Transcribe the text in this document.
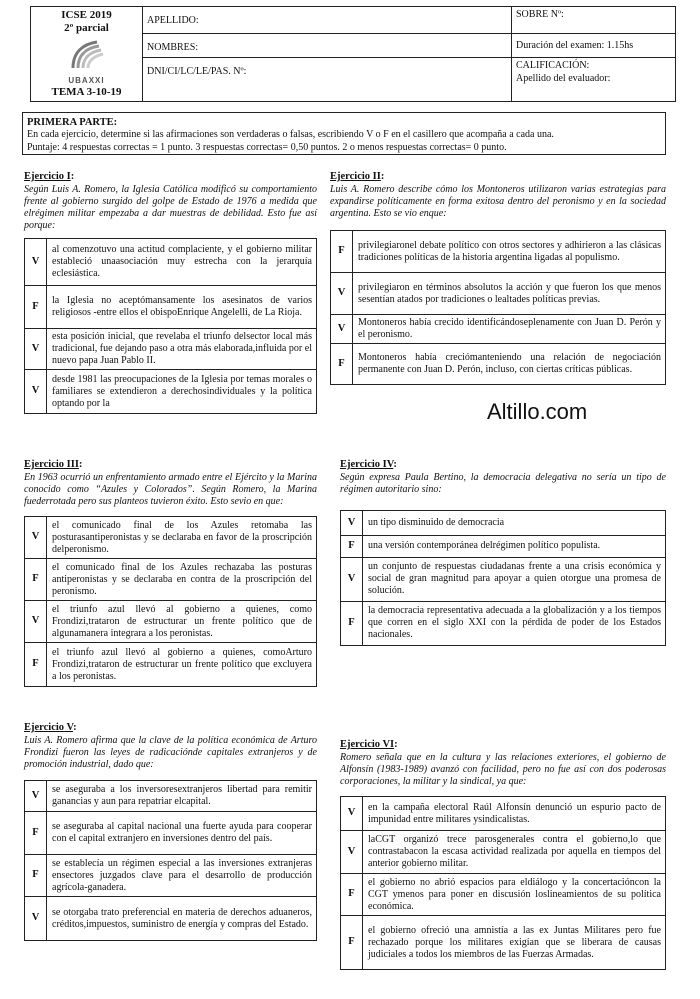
ICSE 2019
2º parcial
UBAXXI
TEMA 3-10-19
APELLIDO:
NOMBRES:
DNI/CI/LC/LE/PAS. Nº:
SOBRE Nº:
Duración del examen: 1.15hs
CALIFICACIÓN:
Apellido del evaluador:
PRIMERA PARTE:
En cada ejercicio, determine si las afirmaciones son verdaderas o falsas, escribiendo V o F en el casillero que acompaña a cada una.
Puntaje: 4 respuestas correctas = 1 punto. 3 respuestas correctas= 0,50 puntos. 2 o menos respuestas correctas= 0 punto.
Ejercicio I:
Según Luis A. Romero, la Iglesia Católica modificó su comportamiento frente al gobierno surgido del golpe de Estado de 1976 a medida que elrégimen militar empezaba a dar muestras de debilidad. Esto fue así porque:
V	al comenzotuvo una actitud complaciente, y el gobierno militar estableció unaasociación muy estrecha con la jerarquía eclesiástica.
F	la Iglesia no aceptómansamente los asesinatos de varios religiosos -entre ellos el obispoEnrique Angelelli, de La Rioja.
V	esta posición inicial, que revelaba el triunfo delsector local más tradicional, fue dejando paso a otra más elaborada,influida por el nuevo papa Juan Pablo II.
V	desde 1981 las preocupaciones de la Iglesia por temas morales o familiares se extendieron a derechosindividuales y la política optando por la
Ejercicio II:
Luis A. Romero describe cómo los Montoneros utilizaron varias estrategias para expandirse políticamente en forma exitosa dentro del peronismo y en la sociedad argentina. Esto se vio enque:
F	privilegiaronel debate político con otros sectores y adhirieron a las clásicas tradiciones políticas de la historia argentina ligadas al populismo.
V	privilegiaron en términos absolutos la acción y que fueron los que menos sesentían atados por tradiciones o lealtades políticas previas.
V	Montoneros había crecido identificándoseplenamente con Juan D. Perón y el peronismo.
F	Montoneros había creciómanteniendo una relación de negociación permanente con Juan D. Perón, incluso, con ciertas críticas públicas.
Altillo.com
Ejercicio III:
En 1963 ocurrió un enfrentamiento armado entre el Ejército y la Marina conocido como “Azules y Colorados”. Según Romero, la Marina fuederrotada pero sus planteos tuvieron éxito. Esto sevio en que:
V	el comunicado final de los Azules retomaba las posturasantiperonistas y se declaraba en favor de la proscripción delperonismo.
F	el comunicado final de los Azules rechazaba las posturas antiperonistas y se declaraba en contra de la proscripción del peronismo.
V	el triunfo azul llevó al gobierno a quienes, como Frondizi,trataron de estructurar un frente político que de algunamanera integrara a los peronistas.
F	el triunfo azul llevó al gobierno a quienes, comoArturo Frondizi,trataron de estructurar un frente político que excluyera a los peronistas.
Ejercicio IV:
Según expresa Paula Bertino, la democracia delegativa no sería un tipo de régimen autoritario sino:
V	un tipo disminuido de democracia
F	una versión contemporánea delrégimen político populista.
V	un conjunto de respuestas ciudadanas frente a una crisis económica y social de gran magnitud para apoyar a quien otorgue una promesa de solución.
F	la democracia representativa adecuada a la globalización y a los tiempos que corren en el siglo XXI con la pérdida de poder de los Estados nacionales.
Ejercicio V:
Luis A. Romero afirma que la clave de la política económica de Arturo Frondizi fueron las leyes de radicacióndе capitales extranjeros y de promoción industrial, dado que:
V	se aseguraba a los inversoresextranjeros libertad para remitir ganancias y aun para repatriar elcapital.
F	se aseguraba al capital nacional una fuerte ayuda para cooperar con el capital extranjero en inversiones dentro del país.
F	se establecía un régimen especial a las inversiones extranjeras ensectores juzgados clave para el desarrollo de producción agrícola-ganadera.
V	se otorgaba trato preferencial en materia de derechos aduaneros, créditos,impuestos, suministro de energía y compras del Estado.
Ejercicio VI:
Romero señala que en la cultura y las relaciones exteriores, el gobierno de Alfonsín (1983-1989) avanzó con facilidad, pero no fue así con dos poderosas corporaciones, la militar y la sindical, ya que:
V	en la campaña electoral Raúl Alfonsín denunció un espurio pacto de impunidad entre militares ysindicalistas.
V	laCGT organizó trece parosgenerales contra el gobierno,lo que contrastabacon la escasa actividad realizada por aquella en tiempos del anterior gobierno militar.
F	el gobierno no abrió espacios para eldiálogo y la concertaciónсon la CGT ymenos para poner en discusión loslineamientos de su política económica.
F	el gobierno ofreció una amnistía a las ex Juntas Militares pero fue rechazado porque los militares exigían que se liberara de causas judiciales a todos los miembros de las Fuerzas Armadas.
